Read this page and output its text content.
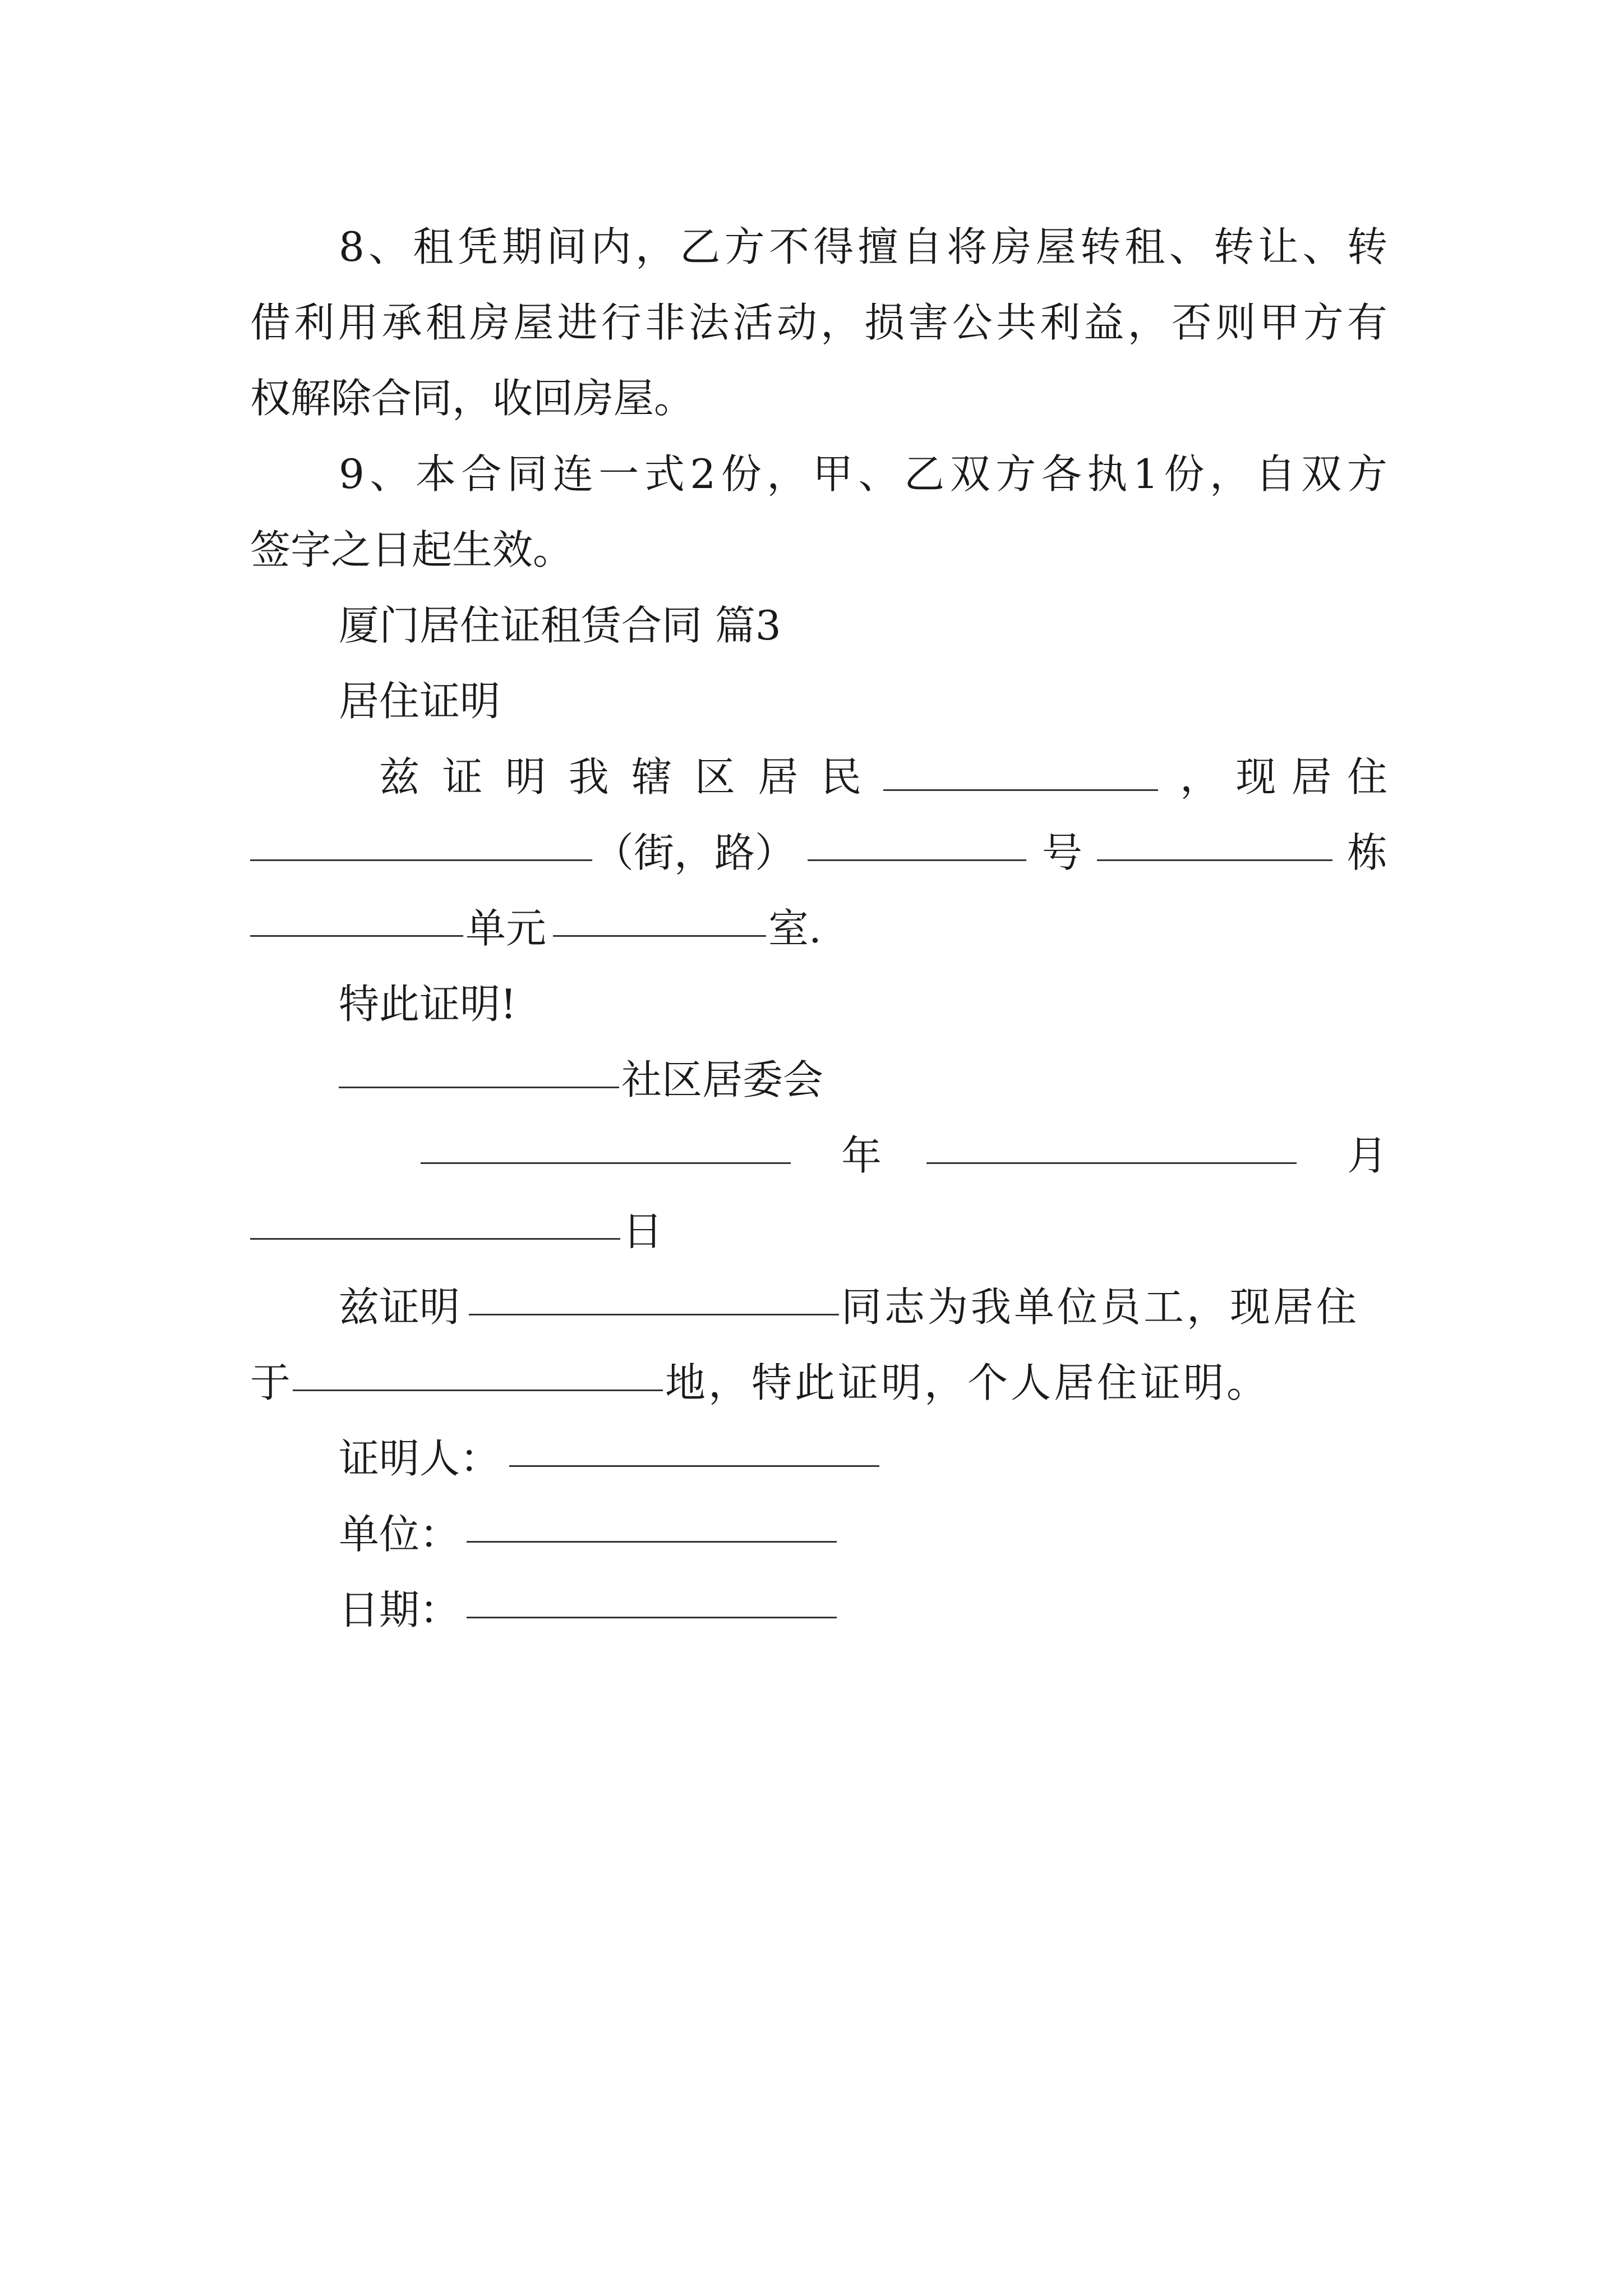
8 、 租 凭 期 间 内 ， 乙 方 不 得 擅 自 将 房 屋 转 租 、 转 让 、 转
借 利 用 承 租 房 屋 进 行 非 法 活 动 ， 损 害 公 共 利 益 ， 否 则 甲 方 有
权解除合同，收回房屋。
9 、 本 合 同 连 一 式 2 份 ， 甲 、 乙 双 方 各 执 1 份 ， 自 双 方
签字之日起生效。
厦门居住证租赁合同 篇3
居住证明
兹 证 明 我 辖 区 居 民	， 现 居 住

（街，路）

	号

	栋

单元

	室.

特此证明!

社区居委会

年

	月

日

兹证明

	同志为我单位员工，现居住

于

	地，特此证明，个人居住证明。

证明人：

单位：

日期：
